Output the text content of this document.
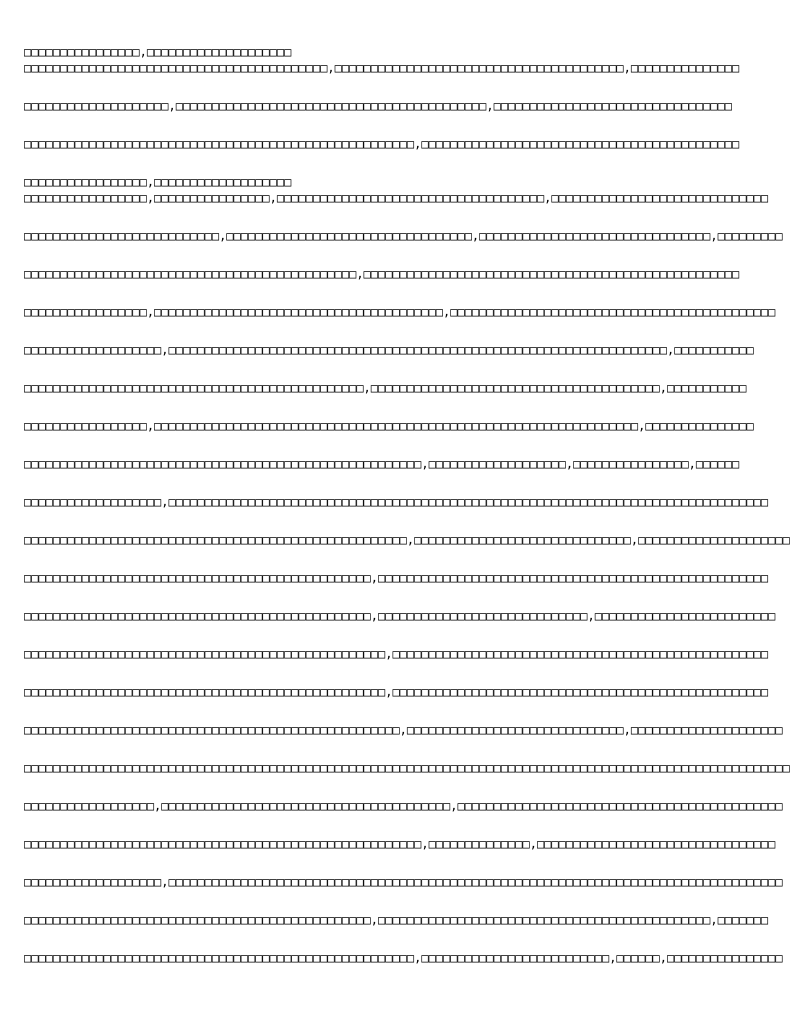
□□□□□□□□□□□□□□□□,□□□□□□□□□□□□□□□□□□□□
□□□□□□□□□□□□□□□□□□□□□□□□□□□□□□□□□□□□□□□□□□,□□□□□□□□□□□□□□□□□□□□□□□□□□□□□□□□□□□□□□□□,□□□□□□□□□□□□□□□
□□□□□□□□□□□□□□□□□□□□,□□□□□□□□□□□□□□□□□□□□□□□□□□□□□□□□□□□□□□□□□□□,□□□□□□□□□□□□□□□□□□□□□□□□□□□□□□□□□
□□□□□□□□□□□□□□□□□□□□□□□□□□□□□□□□□□□□□□□□□□□□□□□□□□□□□□,□□□□□□□□□□□□□□□□□□□□□□□□□□□□□□□□□□□□□□□□□□□□
□□□□□□□□□□□□□□□□□,□□□□□□□□□□□□□□□□□□□
□□□□□□□□□□□□□□□□□,□□□□□□□□□□□□□□□□,□□□□□□□□□□□□□□□□□□□□□□□□□□□□□□□□□□□□□,□□□□□□□□□□□□□□□□□□□□□□□□□□□□□□
□□□□□□□□□□□□□□□□□□□□□□□□□□□,□□□□□□□□□□□□□□□□□□□□□□□□□□□□□□□□□□,□□□□□□□□□□□□□□□□□□□□□□□□□□□□□□□□,□□□□□□□□□
□□□□□□□□□□□□□□□□□□□□□□□□□□□□□□□□□□□□□□□□□□□□□□,□□□□□□□□□□□□□□□□□□□□□□□□□□□□□□□□□□□□□□□□□□□□□□□□□□□□
□□□□□□□□□□□□□□□□□,□□□□□□□□□□□□□□□□□□□□□□□□□□□□□□□□□□□□□□□□,□□□□□□□□□□□□□□□□□□□□□□□□□□□□□□□□□□□□□□□□□□□□□
□□□□□□□□□□□□□□□□□□□,□□□□□□□□□□□□□□□□□□□□□□□□□□□□□□□□□□□□□□□□□□□□□□□□□□□□□□□□□□□□□□□□□□□□□,□□□□□□□□□□□
□□□□□□□□□□□□□□□□□□□□□□□□□□□□□□□□□□□□□□□□□□□□□□□,□□□□□□□□□□□□□□□□□□□□□□□□□□□□□□□□□□□□□□□□,□□□□□□□□□□□
□□□□□□□□□□□□□□□□□,□□□□□□□□□□□□□□□□□□□□□□□□□□□□□□□□□□□□□□□□□□□□□□□□□□□□□□□□□□□□□□□□□□□,□□□□□□□□□□□□□□□
□□□□□□□□□□□□□□□□□□□□□□□□□□□□□□□□□□□□□□□□□□□□□□□□□□□□□□□,□□□□□□□□□□□□□□□□□□□,□□□□□□□□□□□□□□□□,□□□□□□
□□□□□□□□□□□□□□□□□□□,□□□□□□□□□□□□□□□□□□□□□□□□□□□□□□□□□□□□□□□□□□□□□□□□□□□□□□□□□□□□□□□□□□□□□□□□□□□□□□□□□□□
□□□□□□□□□□□□□□□□□□□□□□□□□□□□□□□□□□□□□□□□□□□□□□□□□□□□□,□□□□□□□□□□□□□□□□□□□□□□□□□□□□□□,□□□□□□□□□□□□□□□□□□□□□
□□□□□□□□□□□□□□□□□□□□□□□□□□□□□□□□□□□□□□□□□□□□□□□□,□□□□□□□□□□□□□□□□□□□□□□□□□□□□□□□□□□□□□□□□□□□□□□□□□□□□□□
□□□□□□□□□□□□□□□□□□□□□□□□□□□□□□□□□□□□□□□□□□□□□□□□,□□□□□□□□□□□□□□□□□□□□□□□□□□□□□,□□□□□□□□□□□□□□□□□□□□□□□□□
□□□□□□□□□□□□□□□□□□□□□□□□□□□□□□□□□□□□□□□□□□□□□□□□□□,□□□□□□□□□□□□□□□□□□□□□□□□□□□□□□□□□□□□□□□□□□□□□□□□□□□□
□□□□□□□□□□□□□□□□□□□□□□□□□□□□□□□□□□□□□□□□□□□□□□□□□□,□□□□□□□□□□□□□□□□□□□□□□□□□□□□□□□□□□□□□□□□□□□□□□□□□□□□
□□□□□□□□□□□□□□□□□□□□□□□□□□□□□□□□□□□□□□□□□□□□□□□□□□□□,□□□□□□□□□□□□□□□□□□□□□□□□□□□□□□,□□□□□□□□□□□□□□□□□□□□□
□□□□□□□□□□□□□□□□□□□□□□□□□□□□□□□□□□□□□□□□□□□□□□□□□□□□□□□□□□□□□□□□□□□□□□□□□□□□□□□□□□□□□□□□□□□□□□□□□□□□□□□□□□
□□□□□□□□□□□□□□□□□□,□□□□□□□□□□□□□□□□□□□□□□□□□□□□□□□□□□□□□□□□,□□□□□□□□□□□□□□□□□□□□□□□□□□□□□□□□□□□□□□□□□□□□□
□□□□□□□□□□□□□□□□□□□□□□□□□□□□□□□□□□□□□□□□□□□□□□□□□□□□□□□,□□□□□□□□□□□□□□,□□□□□□□□□□□□□□□□□□□□□□□□□□□□□□□□□
□□□□□□□□□□□□□□□□□□□,□□□□□□□□□□□□□□□□□□□□□□□□□□□□□□□□□□□□□□□□□□□□□□□□□□□□□□□□□□□□□□□□□□□□□□□□□□□□□□□□□□□□□
□□□□□□□□□□□□□□□□□□□□□□□□□□□□□□□□□□□□□□□□□□□□□□□□,□□□□□□□□□□□□□□□□□□□□□□□□□□□□□□□□□□□□□□□□□□□□□□,□□□□□□□
□□□□□□□□□□□□□□□□□□□□□□□□□□□□□□□□□□□□□□□□□□□□□□□□□□□□□□,□□□□□□□□□□□□□□□□□□□□□□□□□□,□□□□□□,□□□□□□□□□□□□□□□□
